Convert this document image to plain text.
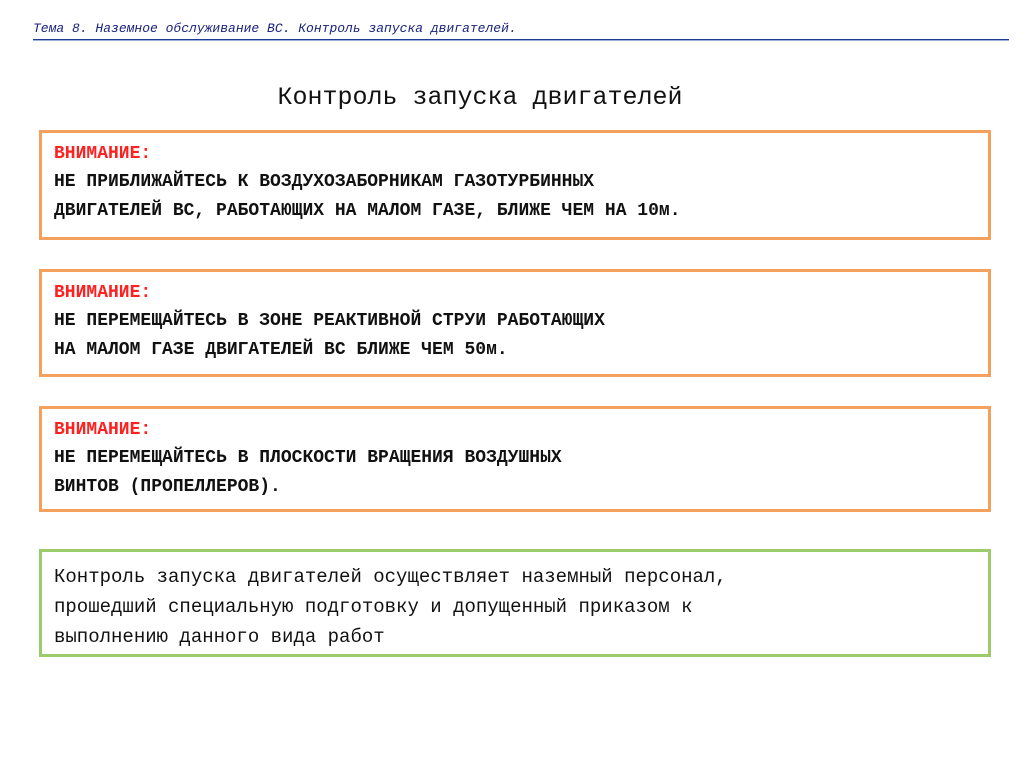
Тема 8. Наземное обслуживание ВС. Контроль запуска двигателей.
Контроль запуска двигателей
ВНИМАНИЕ:
НЕ ПРИБЛИЖАЙТЕСЬ К ВОЗДУХОЗАБОРНИКАМ ГАЗОТУРБИННЫХ
ДВИГАТЕЛЕЙ ВС, РАБОТАЮЩИХ НА МАЛОМ ГАЗЕ, БЛИЖЕ ЧЕМ НА 10м.
ВНИМАНИЕ:
НЕ ПЕРЕМЕЩАЙТЕСЬ В ЗОНЕ РЕАКТИВНОЙ СТРУИ РАБОТАЮЩИХ
НА МАЛОМ ГАЗЕ ДВИГАТЕЛЕЙ ВС БЛИЖЕ ЧЕМ 50м.
ВНИМАНИЕ:
НЕ ПЕРЕМЕЩАЙТЕСЬ В ПЛОСКОСТИ ВРАЩЕНИЯ ВОЗДУШНЫХ
ВИНТОВ (ПРОПЕЛЛЕРОВ).
Контроль запуска двигателей осуществляет наземный персонал,
прошедший специальную подготовку и допущенный приказом к
выполнению данного вида работ
